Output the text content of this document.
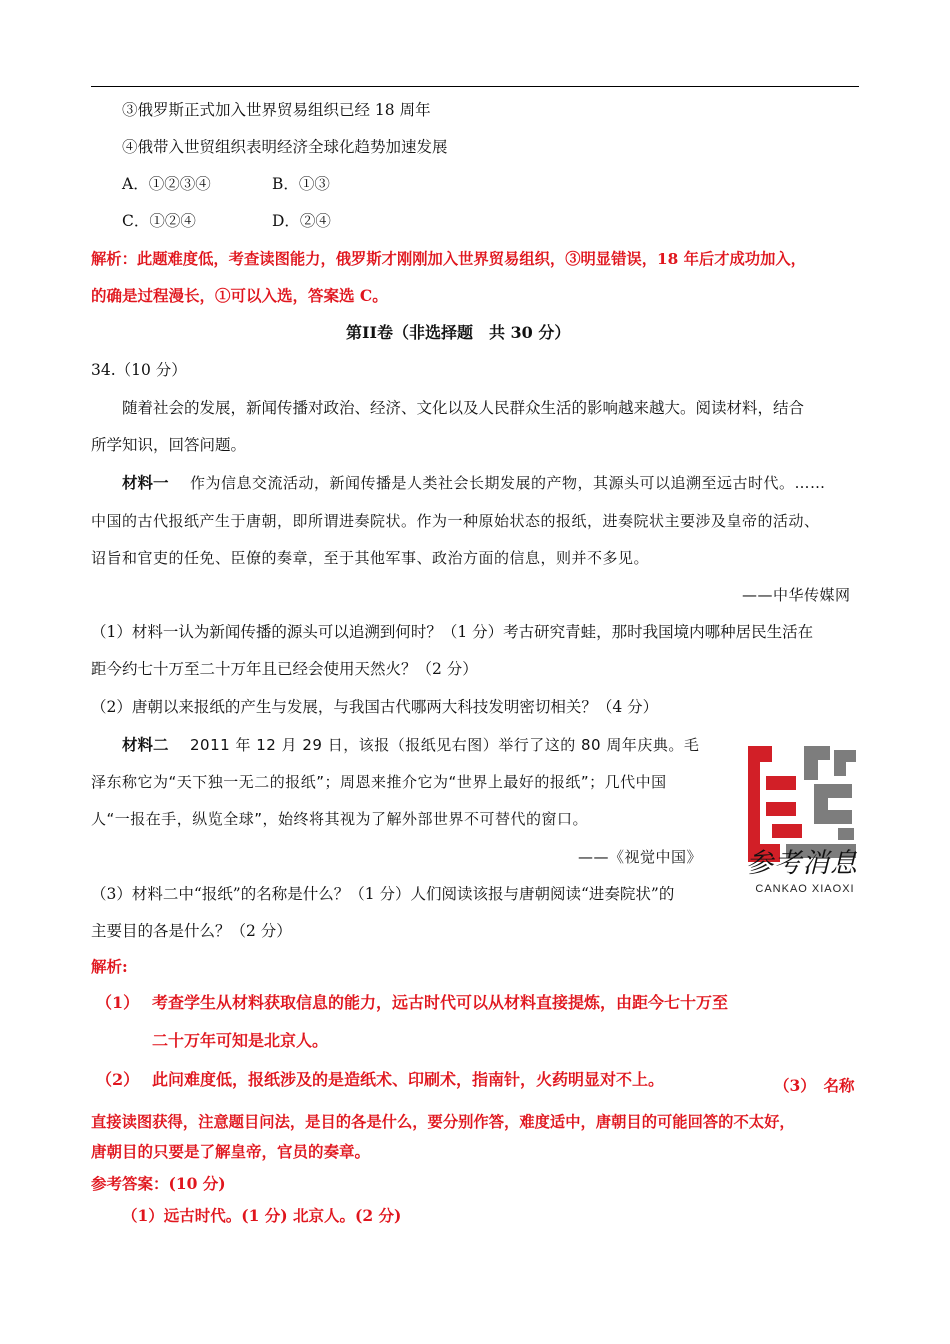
③俄罗斯正式加入世界贸易组织已经 18 周年
④俄带入世贸组织表明经济全球化趋势加速发展
A．①②③④	B．①③
C．①②④	D．②④
解析：此题难度低，考查读图能力，俄罗斯才刚刚加入世界贸易组织，③明显错误，18 年后才成功加入，
的确是过程漫长，①可以入选，答案选 C。
第II卷（非选择题　共 30 分）
34.（10 分）
随着社会的发展，新闻传播对政治、经济、文化以及人民群众生活的影响越来越大。阅读材料，结合
所学知识，回答问题。
材料一 作为信息交流活动，新闻传播是人类社会长期发展的产物，其源头可以追溯至远古时代。……
中国的古代报纸产生于唐朝，即所谓进奏院状。作为一种原始状态的报纸，进奏院状主要涉及皇帝的活动、
诏旨和官吏的任免、臣僚的奏章，至于其他军事、政治方面的信息，则并不多见。
——中华传媒网
（1）材料一认为新闻传播的源头可以追溯到何时？（1 分）考古研究青蛙，那时我国境内哪种居民生活在
距今约七十万至二十万年且已经会使用天然火？（2 分）
（2）唐朝以来报纸的产生与发展，与我国古代哪两大科技发明密切相关？（4 分）
材料二 2011 年 12 月 29 日，该报（报纸见右图）举行了这的 80 周年庆典。毛
泽东称它为“天下独一无二的报纸”；周恩来推介它为“世界上最好的报纸”；几代中国
人“一报在手，纵览全球”，始终将其视为了解外部世界不可替代的窗口。
——《视觉中国》
（3）材料二中“报纸”的名称是什么？（1 分）人们阅读该报与唐朝阅读“进奏院状”的
主要目的各是什么？（2 分）
参考消息
CANKAO XIAOXI
解析:
（1） 考查学生从材料获取信息的能力，远古时代可以从材料直接提炼，由距今七十万至
二十万年可知是北京人。
（2） 此问难度低，报纸涉及的是造纸术、印刷术，指南针，火药明显对不上。	（3）　名称
直接读图获得，注意题目问法，是目的各是什么，要分别作答，难度适中，唐朝目的可能回答的不太好，
唐朝目的只要是了解皇帝，官员的奏章。
参考答案：(10 分)
（1）远古时代。(1 分) 北京人。(2 分)
